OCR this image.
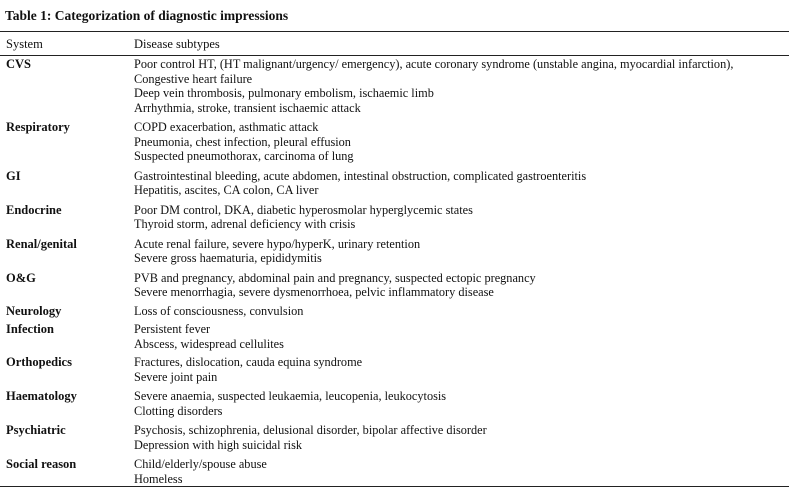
Table 1: Categorization of diagnostic impressions
System	Disease subtypes
CVS	Poor control HT, (HT malignant/urgency/ emergency), acute coronary syndrome (unstable angina, myocardial infarction),
Congestive heart failure
Deep vein thrombosis, pulmonary embolism, ischaemic limb
Arrhythmia, stroke, transient ischaemic attack
Respiratory	COPD exacerbation, asthmatic attack
Pneumonia, chest infection, pleural effusion
Suspected pneumothorax, carcinoma of lung
GI	Gastrointestinal bleeding, acute abdomen, intestinal obstruction, complicated gastroenteritis
Hepatitis, ascites, CA colon, CA liver
Endocrine	Poor DM control, DKA, diabetic hyperosmolar hyperglycemic states
Thyroid storm, adrenal deficiency with crisis
Renal/genital	Acute renal failure, severe hypo/hyperK, urinary retention
Severe gross haematuria, epididymitis
O&G	PVB and pregnancy, abdominal pain and pregnancy, suspected ectopic pregnancy
Severe menorrhagia, severe dysmenorrhoea, pelvic inflammatory disease
Neurology	Loss of consciousness, convulsion
Infection	Persistent fever
Abscess, widespread cellulites
Orthopedics	Fractures, dislocation, cauda equina syndrome
Severe joint pain
Haematology	Severe anaemia, suspected leukaemia, leucopenia, leukocytosis
Clotting disorders
Psychiatric	Psychosis, schizophrenia, delusional disorder, bipolar affective disorder
Depression with high suicidal risk
Social reason	Child/elderly/spouse abuse
Homeless
